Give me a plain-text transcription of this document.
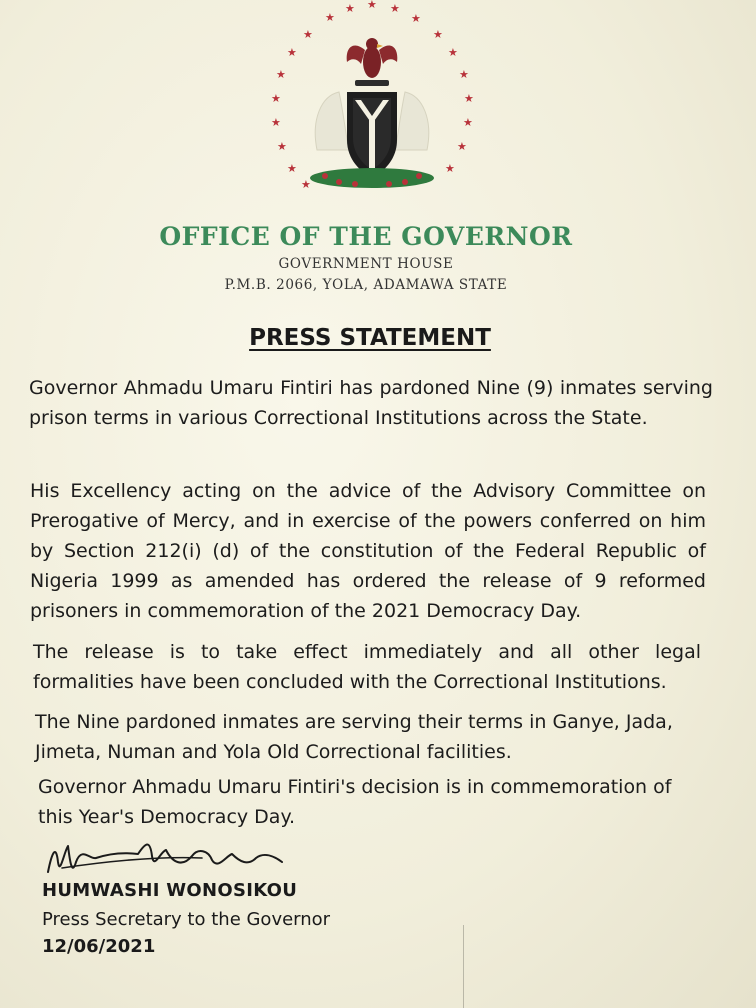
★
★ ★ ★
★
★
★
★
★
★
★
★
★
★
★
★
★
★
★
★
OFFICE OF THE GOVERNOR
GOVERNMENT HOUSE
P.M.B. 2066, YOLA, ADAMAWA STATE
PRESS STATEMENT
Governor Ahmadu Umaru Fintiri has pardoned Nine (9) inmates serving prison terms in various Correctional Institutions across the State.
His Excellency acting on the advice of the Advisory Committee on Prerogative of Mercy, and in exercise of the powers conferred on him by Section 212(i) (d) of the constitution of the Federal Republic of Nigeria 1999 as amended has ordered the release of 9 reformed prisoners in commemoration of the 2021 Democracy Day.
The release is to take effect immediately and all other legal formalities have been concluded with the Correctional Institutions.
The Nine pardoned inmates are serving their terms in Ganye, Jada, Jimeta, Numan and Yola Old Correctional facilities.
Governor Ahmadu Umaru Fintiri's decision is in commemoration of this Year's Democracy Day.
HUMWASHI WONOSIKOU
Press Secretary to the Governor
12/06/2021
